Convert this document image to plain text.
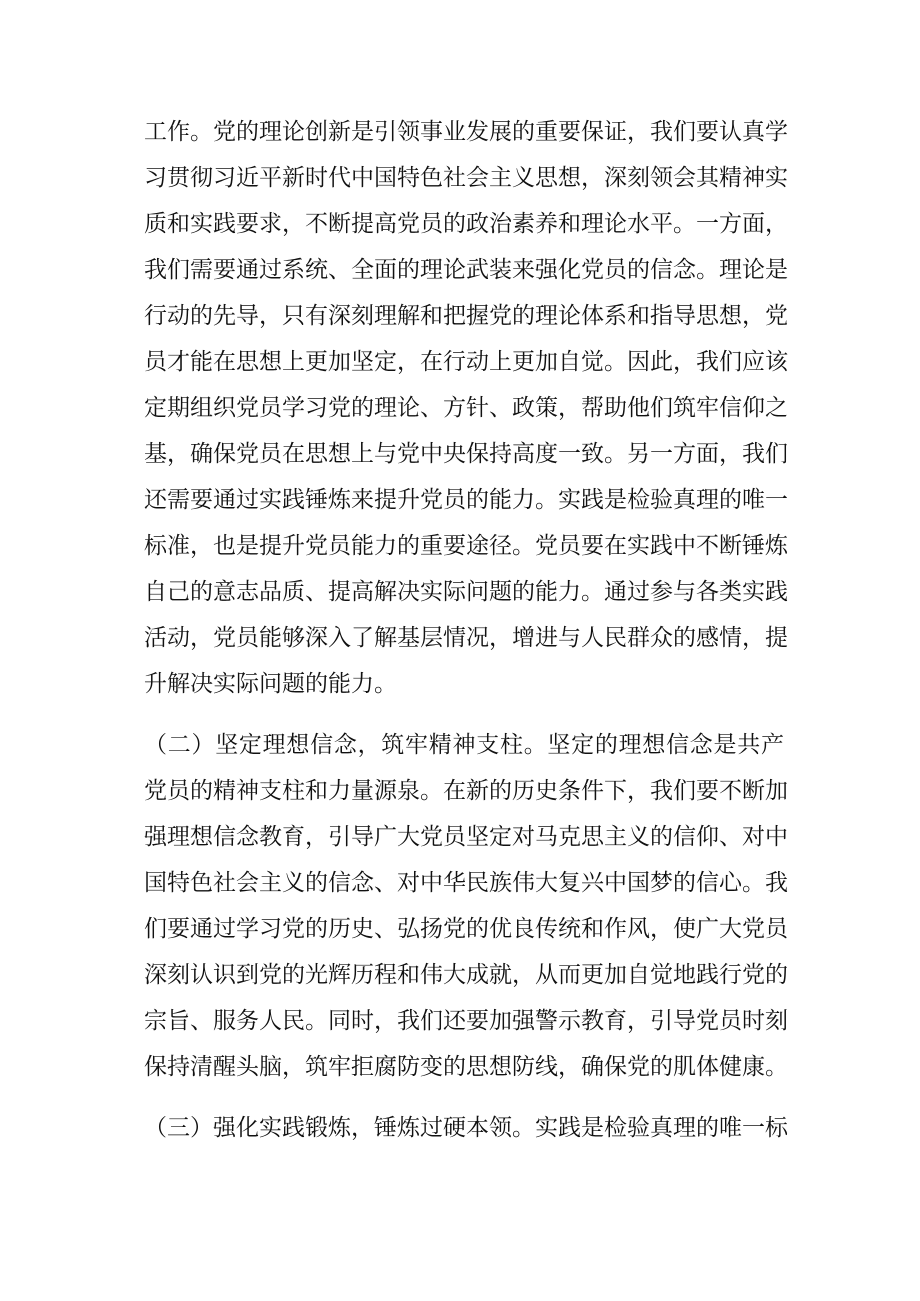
工作。党的理论创新是引领事业发展的重要保证，我们要认真学
习贯彻习近平新时代中国特色社会主义思想，深刻领会其精神实
质和实践要求，不断提高党员的政治素养和理论水平。一方面，
我们需要通过系统、全面的理论武装来强化党员的信念。理论是
行动的先导，只有深刻理解和把握党的理论体系和指导思想，党
员才能在思想上更加坚定，在行动上更加自觉。因此，我们应该
定期组织党员学习党的理论、方针、政策，帮助他们筑牢信仰之
基，确保党员在思想上与党中央保持高度一致。另一方面，我们
还需要通过实践锤炼来提升党员的能力。实践是检验真理的唯一
标准，也是提升党员能力的重要途径。党员要在实践中不断锤炼
自己的意志品质、提高解决实际问题的能力。通过参与各类实践
活动，党员能够深入了解基层情况，增进与人民群众的感情，提
升解决实际问题的能力。
（二）坚定理想信念，筑牢精神支柱。坚定的理想信念是共产
党员的精神支柱和力量源泉。在新的历史条件下，我们要不断加
强理想信念教育，引导广大党员坚定对马克思主义的信仰、对中
国特色社会主义的信念、对中华民族伟大复兴中国梦的信心。我
们要通过学习党的历史、弘扬党的优良传统和作风，使广大党员
深刻认识到党的光辉历程和伟大成就，从而更加自觉地践行党的
宗旨、服务人民。同时，我们还要加强警示教育，引导党员时刻
保持清醒头脑，筑牢拒腐防变的思想防线，确保党的肌体健康。
（三）强化实践锻炼，锤炼过硬本领。实践是检验真理的唯一标
